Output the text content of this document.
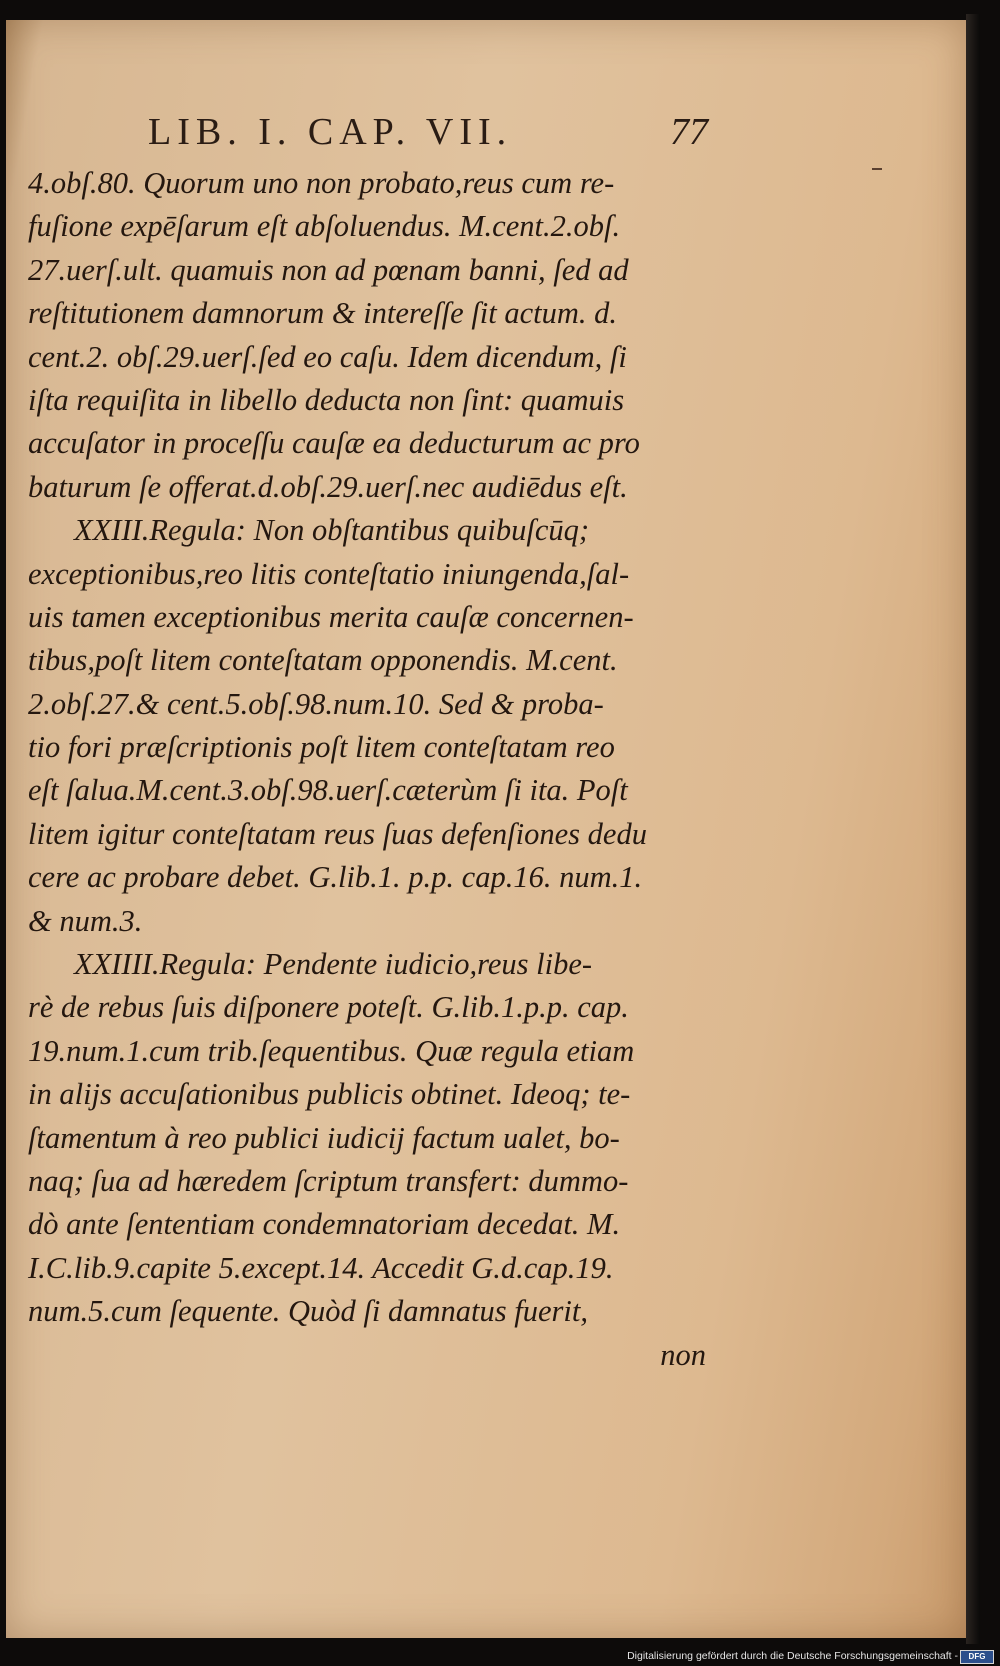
LIB. I. CAP. VII.	77
4.obſ.80. Quorum uno non probato,reus cum re-
fuſione expēſarum eſt abſoluendus. M.cent.2.obſ.
27.uerſ.ult. quamuis non ad pœnam banni, ſed ad
reſtitutionem damnorum & intereſſe ſit actum. d.
cent.2. obſ.29.uerſ.ſed eo caſu. Idem dicendum, ſi
iſta requiſita in libello deducta non ſint: quamuis
accuſator in proceſſu cauſæ ea deducturum ac pro
baturum ſe offerat.d.obſ.29.uerſ.nec audiēdus eſt.
XXIII.Regula: Non obſtantibus quibuſcūq;
exceptionibus,reo litis conteſtatio iniungenda,ſal-
uis tamen exceptionibus merita cauſæ concernen-
tibus,poſt litem conteſtatam opponendis. M.cent.
2.obſ.27.& cent.5.obſ.98.num.10. Sed & proba-
tio fori præſcriptionis poſt litem conteſtatam reo
eſt ſalua.M.cent.3.obſ.98.uerſ.cæterùm ſi ita. Poſt
litem igitur conteſtatam reus ſuas defenſiones dedu
cere ac probare debet. G.lib.1. p.p. cap.16. num.1.
& num.3.
XXIIII.Regula: Pendente iudicio,reus libe-
rè de rebus ſuis diſponere poteſt. G.lib.1.p.p. cap.
19.num.1.cum trib.ſequentibus. Quæ regula etiam
in alijs accuſationibus publicis obtinet. Ideoq; te-
ſtamentum à reo publici iudicij factum ualet, bo-
naq; ſua ad hæredem ſcriptum transfert: dummo-
dò ante ſententiam condemnatoriam decedat. M.
I.C.lib.9.capite 5.except.14. Accedit G.d.cap.19.
num.5.cum ſequente. Quòd ſi damnatus fuerit,
non
Digitalisierung gefördert durch die Deutsche Forschungsgemeinschaft -	DFG
